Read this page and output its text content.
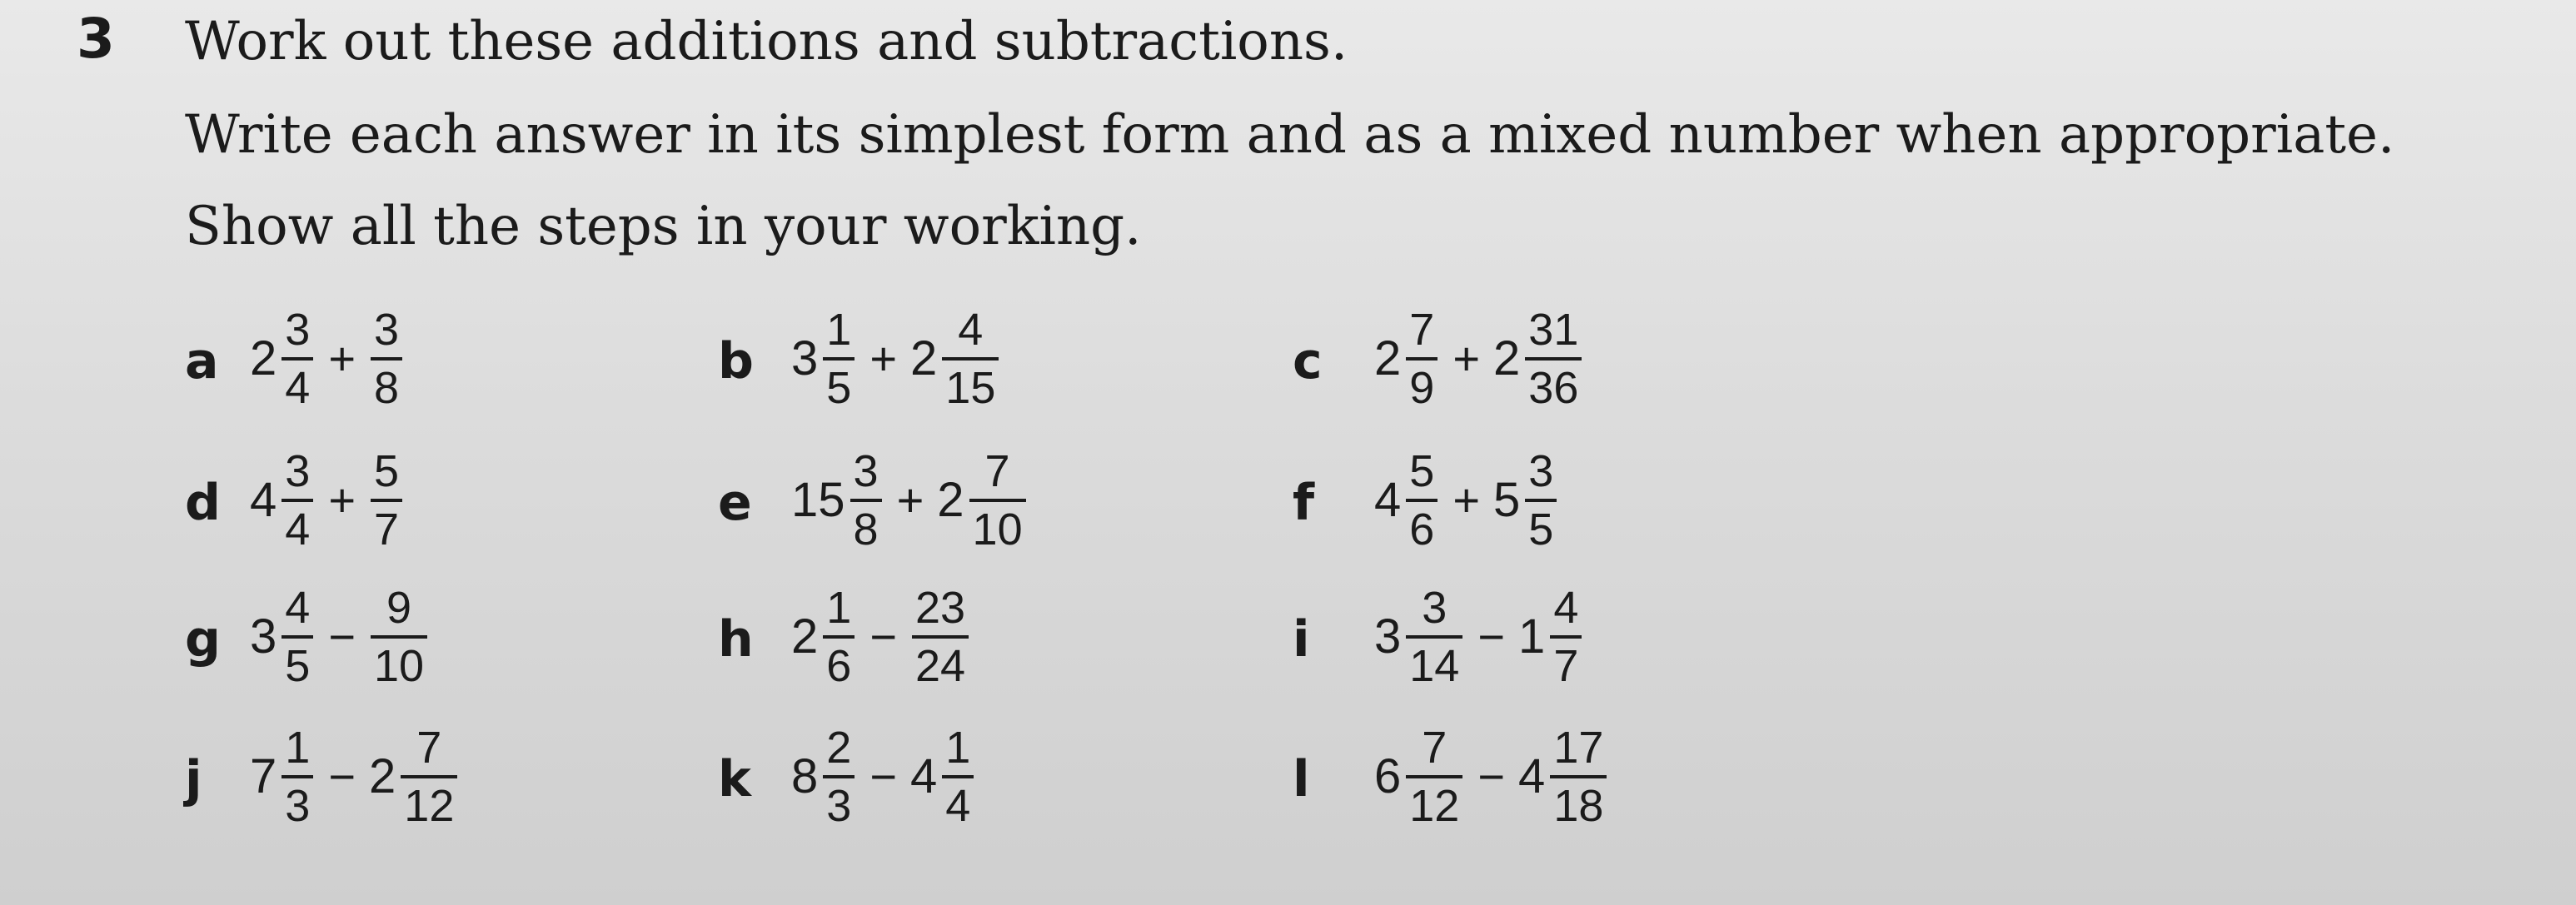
3 Work out these additions and subtractions.
Write each answer in its simplest form and as a mixed number when appropriate.
Show all the steps in your working.
a $2 \frac{3}{4} + \frac{3}{8}$	b $3 \frac{1}{5} + 2 \frac{4}{15}$	c $2 \frac{7}{9} + 2 \frac{31}{36}$
d $4 \frac{3}{4} + \frac{5}{7}$	e $15 \frac{3}{8} + 2 \frac{7}{10}$	f $4 \frac{5}{6} + 5 \frac{3}{5}$
g $3 \frac{4}{5} - \frac{9}{10}$	h $2 \frac{1}{6} - \frac{23}{24}$	i $3 \frac{3}{14} - 1 \frac{4}{7}$
j $7 \frac{1}{3} - 2 \frac{7}{12}$	k $8 \frac{2}{3} - 4 \frac{1}{4}$	l $6 \frac{7}{12} - 4 \frac{17}{18}$
